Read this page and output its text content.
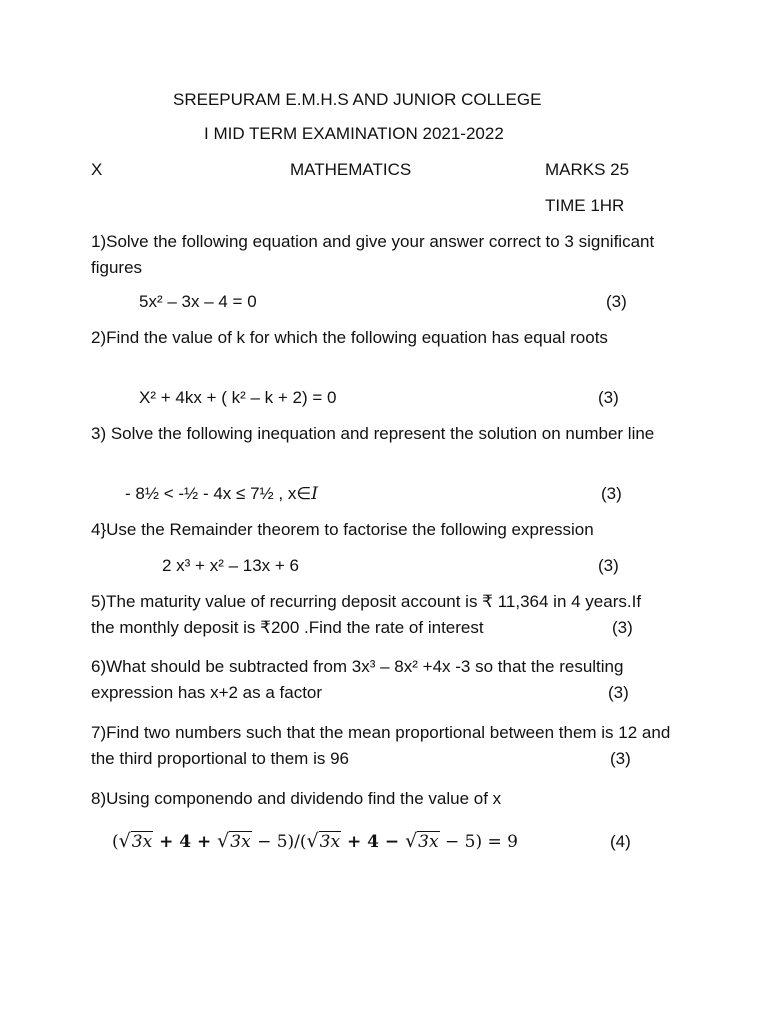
SREEPURAM E.M.H.S AND JUNIOR COLLEGE
I MID TERM EXAMINATION 2021-2022
X	MATHEMATICS	MARKS 25
TIME 1HR
1)Solve the following equation and give your answer correct to 3 significant figures
5x² – 3x – 4 = 0	(3)
2)Find the value of k for which the following equation has equal roots
X² + 4kx + ( k² – k + 2) = 0	(3)
3) Solve the following inequation and represent the solution on number line
- 8½ < -½ - 4x ≤ 7½ , x∈I	(3)
4}Use the Remainder theorem to factorise the following expression
2 x³ + x² – 13x + 6	(3)
5)The maturity value of recurring deposit account is ₹ 11,364 in 4 years.If the monthly deposit is ₹200 .Find the rate of interest	(3)
6)What should be subtracted from 3x³ – 8x² +4x -3 so that the resulting expression has x+2 as a factor	(3)
7)Find two numbers such that the mean proportional between them is 12 and the third proportional to them is 96	(3)
8)Using componendo and dividendo find the value of x
(√3x + 4 + √3x − 5)/(√3x + 4 − √3x − 5) = 9	(4)
